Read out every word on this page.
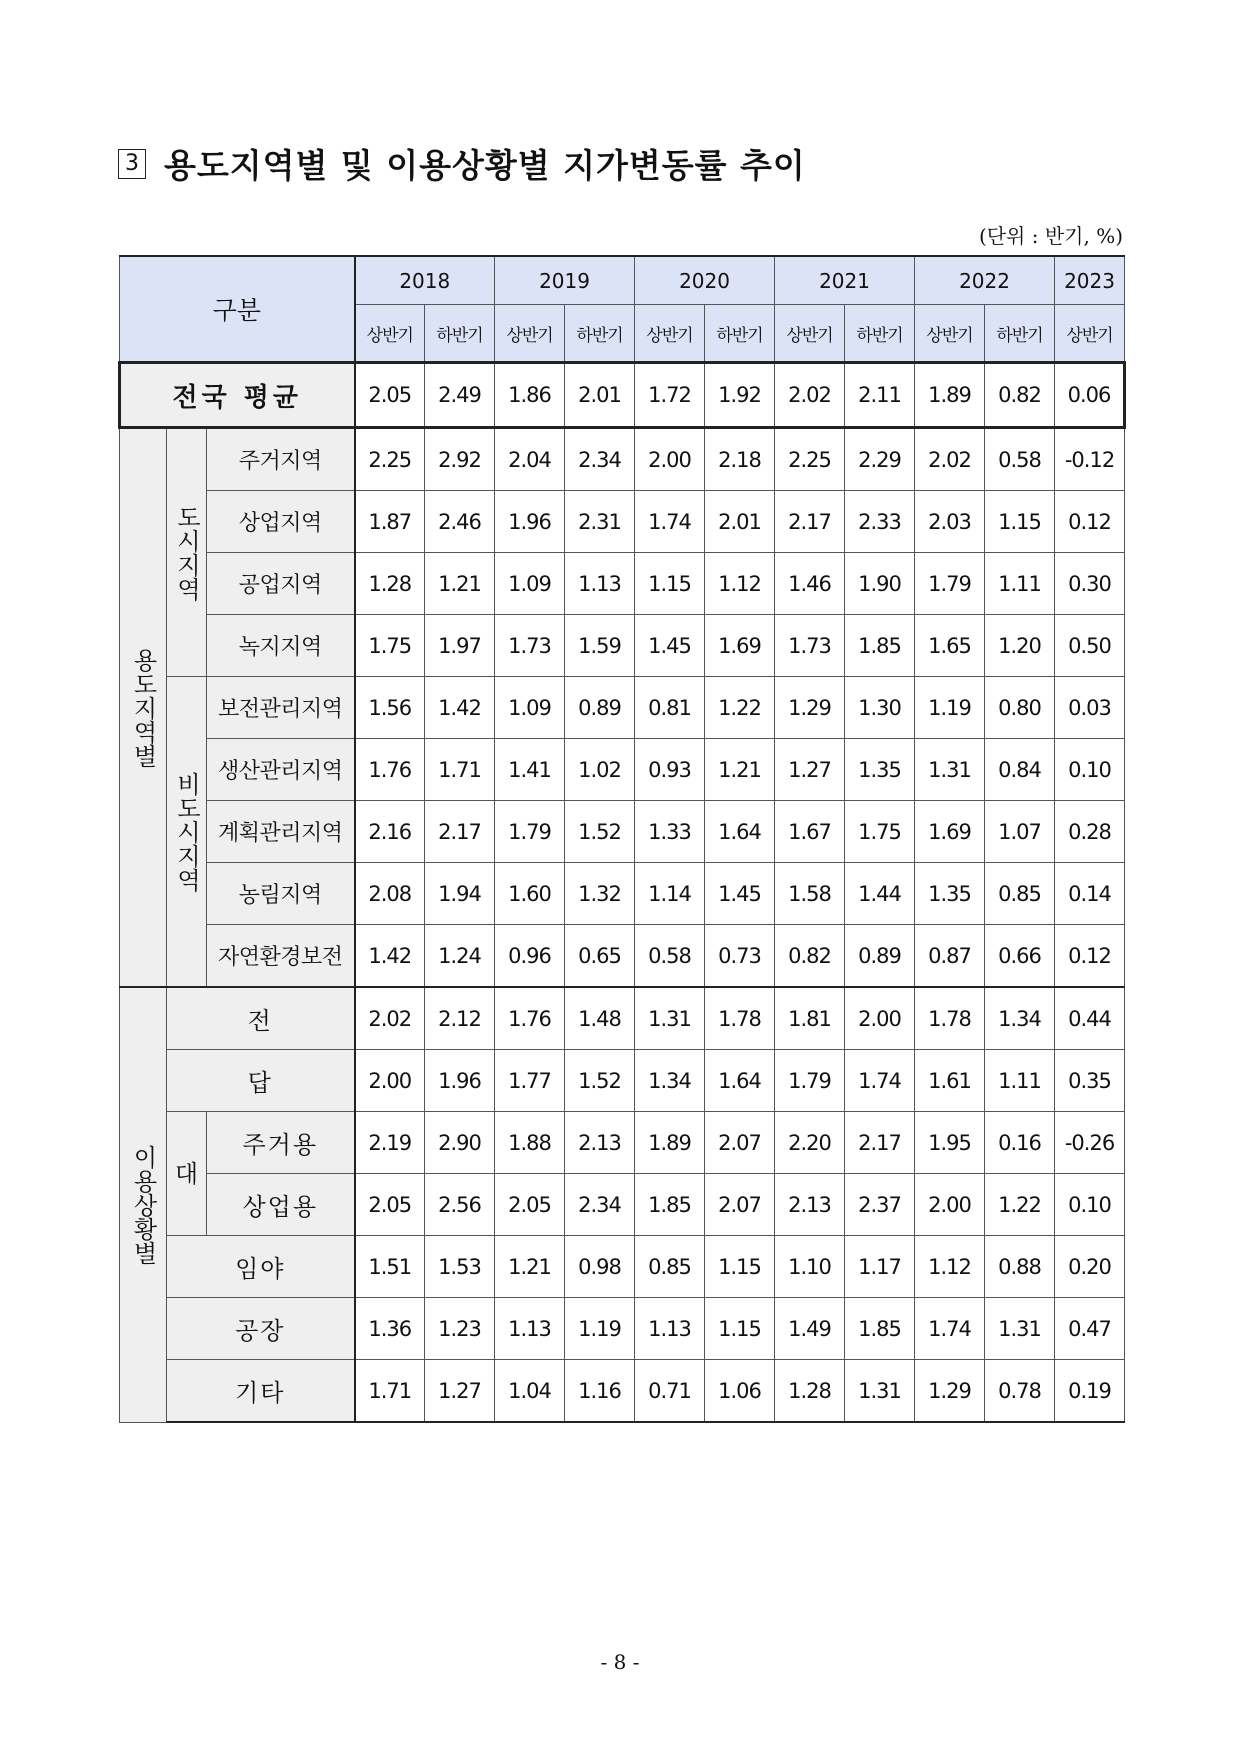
3 용도지역별 및 이용상황별 지가변동률 추이
(단위 : 반기, %)
구분			2018		2019		2020		2021		2022		2023
			상반기	하반기	상반기	하반기	상반기	하반기	상반기	하반기	상반기	하반기	상반기
전국 평균			2.05	2.49	1.86	2.01	1.72	1.92	2.02	2.11	1.89	0.82	0.06
용도지역별	도시지역	주거지역	2.25	2.92	2.04	2.34	2.00	2.18	2.25	2.29	2.02	0.58	-0.12
		상업지역	1.87	2.46	1.96	2.31	1.74	2.01	2.17	2.33	2.03	1.15	0.12
		공업지역	1.28	1.21	1.09	1.13	1.15	1.12	1.46	1.90	1.79	1.11	0.30
		녹지지역	1.75	1.97	1.73	1.59	1.45	1.69	1.73	1.85	1.65	1.20	0.50
	비도시지역	보전관리지역	1.56	1.42	1.09	0.89	0.81	1.22	1.29	1.30	1.19	0.80	0.03
		생산관리지역	1.76	1.71	1.41	1.02	0.93	1.21	1.27	1.35	1.31	0.84	0.10
		계획관리지역	2.16	2.17	1.79	1.52	1.33	1.64	1.67	1.75	1.69	1.07	0.28
		농림지역	2.08	1.94	1.60	1.32	1.14	1.45	1.58	1.44	1.35	0.85	0.14
		자연환경보전	1.42	1.24	0.96	0.65	0.58	0.73	0.82	0.89	0.87	0.66	0.12
이용상황별	전		2.02	2.12	1.76	1.48	1.31	1.78	1.81	2.00	1.78	1.34	0.44
	답		2.00	1.96	1.77	1.52	1.34	1.64	1.79	1.74	1.61	1.11	0.35
	대	주거용	2.19	2.90	1.88	2.13	1.89	2.07	2.20	2.17	1.95	0.16	-0.26
		상업용	2.05	2.56	2.05	2.34	1.85	2.07	2.13	2.37	2.00	1.22	0.10
	임야		1.51	1.53	1.21	0.98	0.85	1.15	1.10	1.17	1.12	0.88	0.20
	공장		1.36	1.23	1.13	1.19	1.13	1.15	1.49	1.85	1.74	1.31	0.47
	기타		1.71	1.27	1.04	1.16	0.71	1.06	1.28	1.31	1.29	0.78	0.19
- 8 -
